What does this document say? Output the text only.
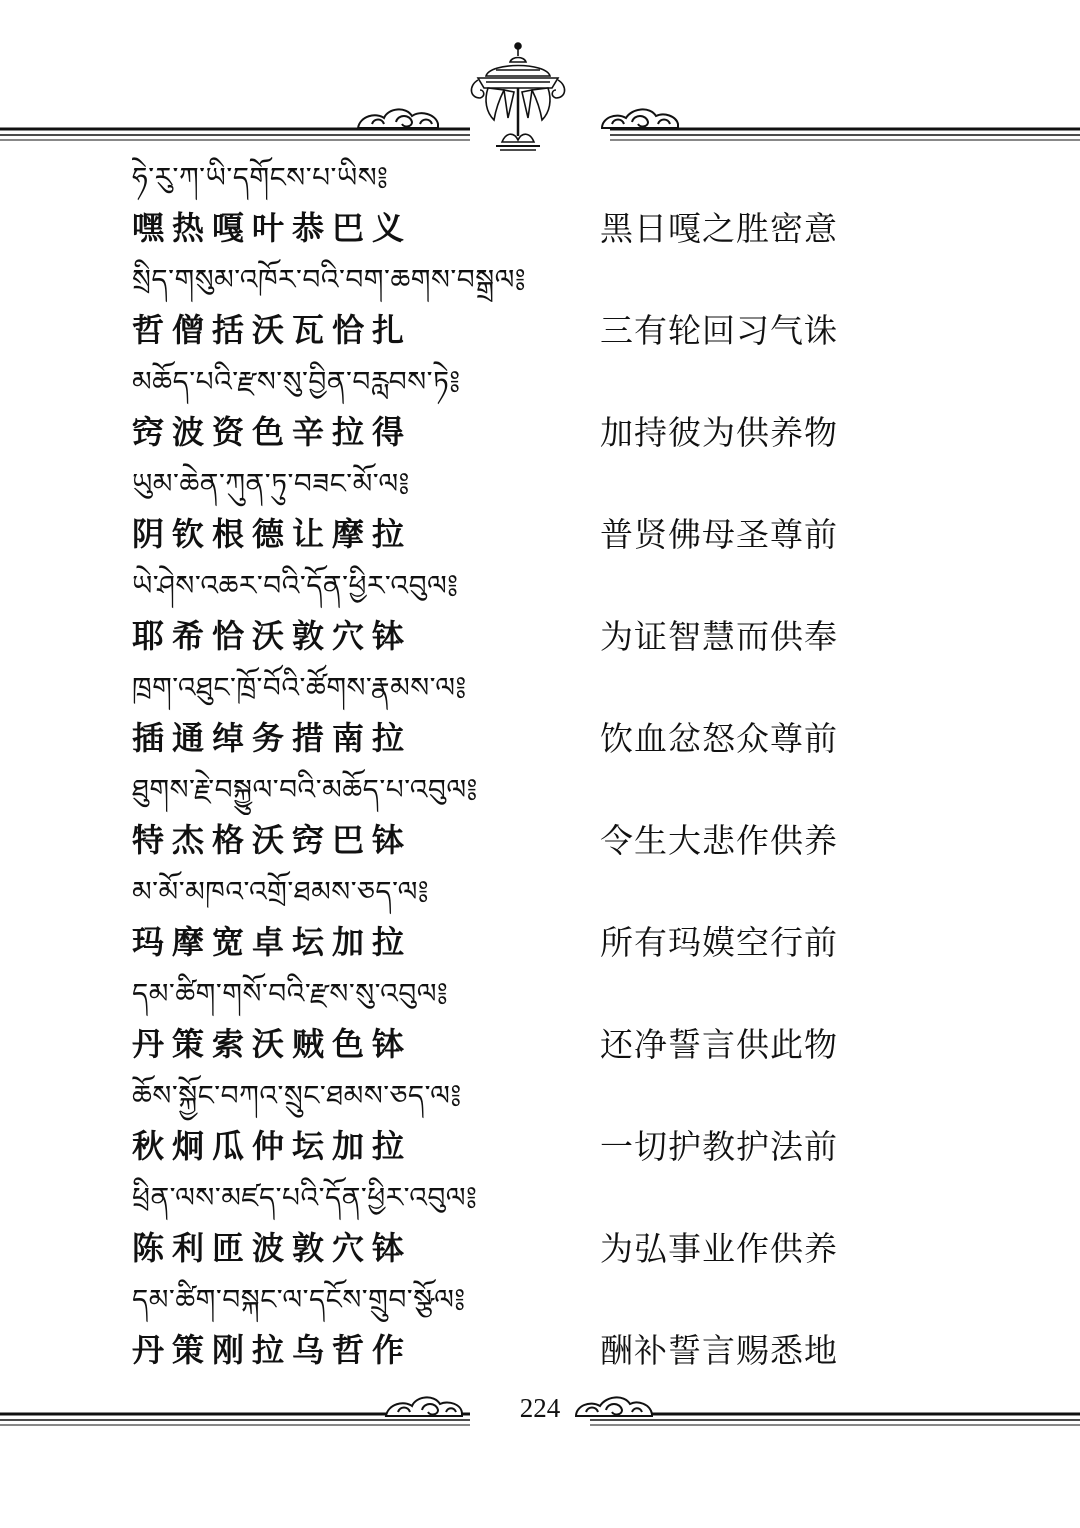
ཧེ་རུ་ཀ་ཡི་དགོངས་པ་ཡིས༔
嘿热嘎叶恭巴义	黑日嘎之胜密意
སྲིད་གསུམ་འཁོར་བའི་བག་ཆགས་བསྒྲལ༔
哲僧括沃瓦恰扎	三有轮回习气诛
མཆོད་པའི་རྫས་སུ་བྱིན་བརླབས་ཏེ༔
窍波资色辛拉得	加持彼为供养物
ཡུམ་ཆེན་ཀུན་ཏུ་བཟང་མོ་ལ༔
阴钦根德让摩拉	普贤佛母圣尊前
ཡེ་ཤེས་འཆར་བའི་དོན་ཕྱིར་འབུལ༔
耶希恰沃敦穴钵	为证智慧而供奉
ཁྲག་འཐུང་ཁྲོ་བོའི་ཚོགས་རྣམས་ལ༔
插通绰务措南拉	饮血忿怒众尊前
ཐུགས་རྗེ་བསྐྱུལ་བའི་མཆོད་པ་འབུལ༔
特杰格沃窍巴钵	令生大悲作供养
མ་མོ་མཁའ་འགྲོ་ཐམས་ཅད་ལ༔
玛摩宽卓坛加拉	所有玛嫫空行前
དམ་ཚིག་གསོ་བའི་རྫས་སུ་འབུལ༔
丹策索沃贼色钵	还净誓言供此物
ཆོས་སྐྱོང་བཀའ་སྲུང་ཐམས་ཅད་ལ༔
秋炯瓜仲坛加拉	一切护教护法前
ཕྲིན་ལས་མཛད་པའི་དོན་ཕྱིར་འབུལ༔
陈利匝波敦穴钵	为弘事业作供养
དམ་ཚིག་བསྐང་ལ་དངོས་གྲུབ་སྩོལ༔
丹策刚拉乌哲作	酬补誓言赐悉地
224
